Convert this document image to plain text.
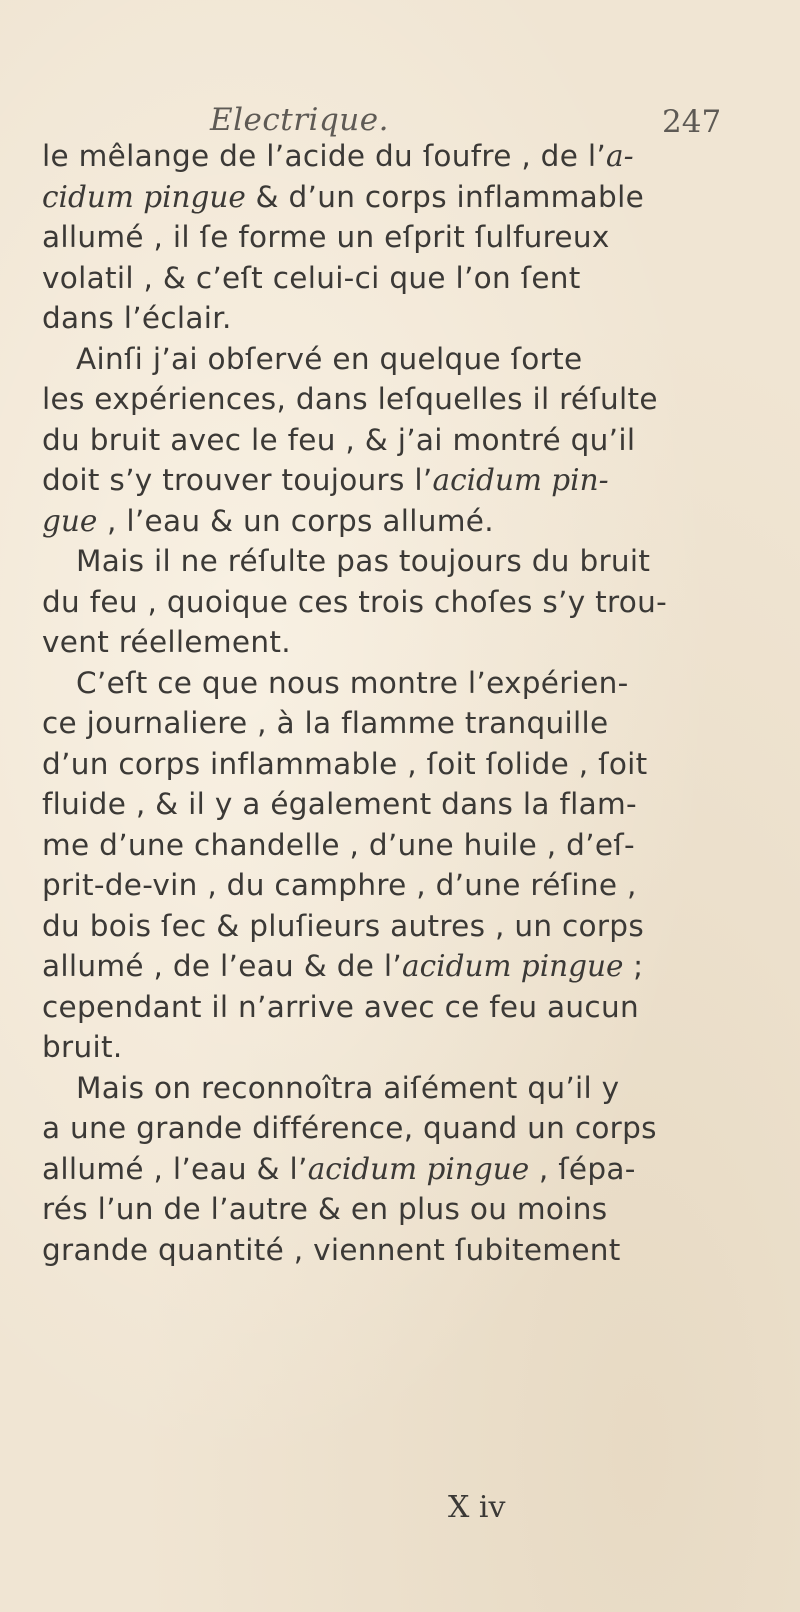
Electrique.	247
le mêlange de l’acide du ſoufre , de l’a-
cidum pingue & d’un corps inflammable
allumé , il ſe forme un eſprit ſulfureux
volatil , & c’eſt celui-ci que l’on ſent
dans l’éclair.
Ainſi j’ai obſervé en quelque ſorte
les expériences, dans leſquelles il réſulte
du bruit avec le feu , & j’ai montré qu’il
doit s’y trouver toujours l’acidum pin-
gue , l’eau & un corps allumé.
Mais il ne réſulte pas toujours du bruit
du feu , quoique ces trois choſes s’y trou-
vent réellement.
C’eſt ce que nous montre l’expérien-
ce journaliere , à la flamme tranquille
d’un corps inflammable , ſoit ſolide , ſoit
fluide , & il y a également dans la flam-
me d’une chandelle , d’une huile , d’eſ-
prit-de-vin , du camphre , d’une réſine ,
du bois ſec & pluſieurs autres , un corps
allumé , de l’eau & de l’acidum pingue ;
cependant il n’arrive avec ce feu aucun
bruit.
Mais on reconnoîtra aiſément qu’il y
a une grande différence, quand un corps
allumé , l’eau & l’acidum pingue , ſépa-
rés l’un de l’autre & en plus ou moins
grande quantité , viennent ſubitement
X iv
